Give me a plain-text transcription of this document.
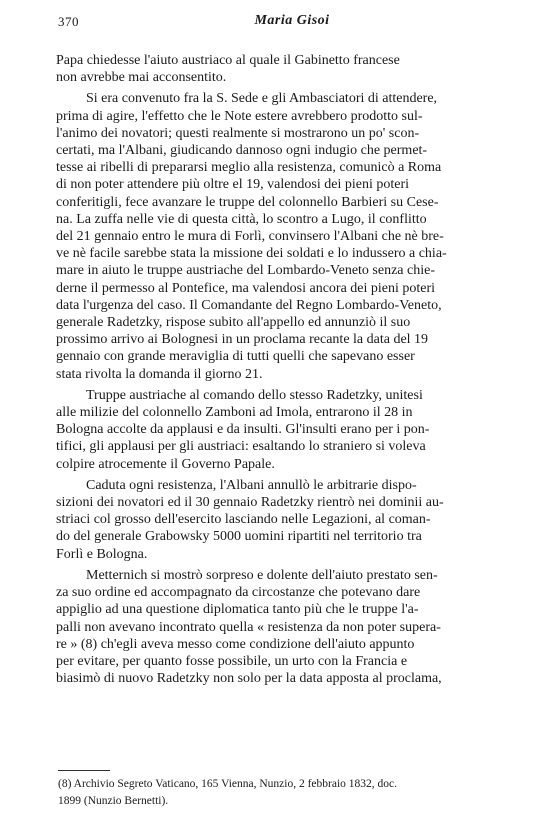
370	Maria Gisoi
Papa chiedesse l'aiuto austriaco al quale il Gabinetto francese
non avrebbe mai acconsentito.
Si era convenuto fra la S. Sede e gli Ambasciatori di attendere,
prima di agire, l'effetto che le Note estere avrebbero prodotto sul-
l'animo dei novatori; questi realmente si mostrarono un po' scon-
certati, ma l'Albani, giudicando dannoso ogni indugio che permet-
tesse ai ribelli di prepararsi meglio alla resistenza, comunicò a Roma
di non poter attendere più oltre el 19, valendosi dei pieni poteri
conferitigli, fece avanzare le truppe del colonnello Barbieri su Cese-
na. La zuffa nelle vie di questa città, lo scontro a Lugo, il conflitto
del 21 gennaio entro le mura di Forlì, convinsero l'Albani che nè bre-
ve nè facile sarebbe stata la missione dei soldati e lo indussero a chia-
mare in aiuto le truppe austriache del Lombardo-Veneto senza chie-
derne il permesso al Pontefice, ma valendosi ancora dei pieni poteri
data l'urgenza del caso. Il Comandante del Regno Lombardo-Veneto,
generale Radetzky, rispose subito all'appello ed annunziò il suo
prossimo arrivo ai Bolognesi in un proclama recante la data del 19
gennaio con grande meraviglia di tutti quelli che sapevano esser
stata rivolta la domanda il giorno 21.
Truppe austriache al comando dello stesso Radetzky, unitesi
alle milizie del colonnello Zamboni ad Imola, entrarono il 28 in
Bologna accolte da applausi e da insulti. Gl'insulti erano per i pon-
tifici, gli applausi per gli austriaci: esaltando lo straniero si voleva
colpire atrocemente il Governo Papale.
Caduta ogni resistenza, l'Albani annullò le arbitrarie dispo-
sizioni dei novatori ed il 30 gennaio Radetzky rientrò nei dominii au-
striaci col grosso dell'esercito lasciando nelle Legazioni, al coman-
do del generale Grabowsky 5000 uomini ripartiti nel territorio tra
Forlì e Bologna.
Metternich si mostrò sorpreso e dolente dell'aiuto prestato sen-
za suo ordine ed accompagnato da circostanze che potevano dare
appiglio ad una questione diplomatica tanto più che le truppe l'a-
palli non avevano incontrato quella « resistenza da non poter supera-
re » (8) ch'egli aveva messo come condizione dell'aiuto appunto
per evitare, per quanto fosse possibile, un urto con la Francia e
biasimò di nuovo Radetzky non solo per la data apposta al proclama,
(8) Archivio Segreto Vaticano, 165 Vienna, Nunzio, 2 febbraio 1832, doc.
1899 (Nunzio Bernetti).
